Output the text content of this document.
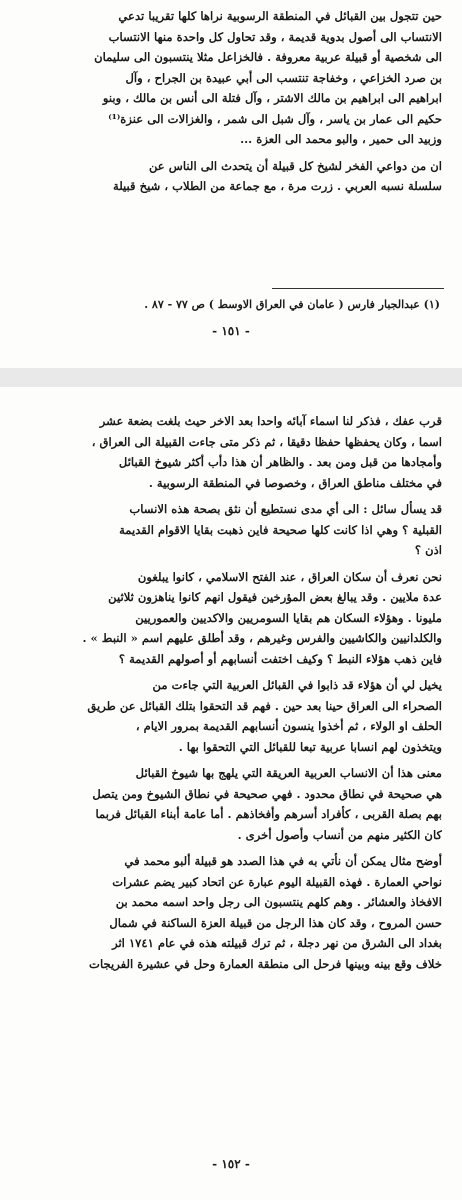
حين تتجول بين القبائل في المنطقة الرسوبية نراها كلها تقريبا تدعي
الانتساب الى أصول بدوية قديمة ، وقد تحاول كل واحدة منها الانتساب
الى شخصية أو قبيلة عربية معروفة . فالخزاعل مثلا ينتسبون الى سليمان
بن صرد الخزاعي ، وخفاجة تنتسب الى أبي عبيدة بن الجراح ، وآل
ابراهيم الى ابراهيم بن مالك الاشتر ، وآل فتلة الى أنس بن مالك ، وبنو
حكيم الى عمار بن ياسر ، وآل شبل الى شمر ، والغزالات الى عنزة⁽¹⁾
وزبيد الى حمير ، والبو محمد الى العزة ...
ان من دواعي الفخر لشيخ كل قبيلة أن يتحدث الى الناس عن
سلسلة نسبه العربي . زرت مرة ، مع جماعة من الطلاب ، شيخ قبيلة
(١) عبدالجبار فارس ( عامان في العراق الاوسط ) ص ٧٧ - ٨٧ .
- ١٥١ -
قرب عفك ، فذكر لنا اسماء آبائه واحدا بعد الاخر حيث بلغت بضعة عشر
اسما ، وكان يحفظها حفظا دقيقا ، ثم ذكر متى جاءت القبيلة الى العراق ،
وأمجادها من قبل ومن بعد . والظاهر أن هذا دأب أكثر شيوخ القبائل
في مختلف مناطق العراق ، وخصوصا في المنطقة الرسوبية .
قد يسأل سائل : الى أي مدى نستطيع أن نثق بصحة هذه الانساب
القبلية ؟ وهي اذا كانت كلها صحيحة فاين ذهبت بقايا الاقوام القديمة
اذن ؟
نحن نعرف أن سكان العراق ، عند الفتح الاسلامي ، كانوا يبلغون
عدة ملايين . وقد يبالغ بعض المؤرخين فيقول انهم كانوا يناهزون ثلاثين
مليونا . وهؤلاء السكان هم بقايا السومريين والاكديين والعموريين
والكلدانيين والكاشيين والفرس وغيرهم ، وقد أطلق عليهم اسم « النبط » .
فاين ذهب هؤلاء النبط ؟ وكيف اختفت أنسابهم أو أصولهم القديمة ؟
يخيل لي أن هؤلاء قد ذابوا في القبائل العربية التي جاءت من
الصحراء الى العراق حينا بعد حين . فهم قد التحقوا بتلك القبائل عن طريق
الحلف او الولاء ، ثم أخذوا ينسون أنسابهم القديمة بمرور الايام ،
ويتخذون لهم انسابا عربية تبعا للقبائل التي التحقوا بها .
معنى هذا أن الانساب العربية العريقة التي يلهج بها شيوخ القبائل
هي صحيحة في نطاق محدود . فهي صحيحة في نطاق الشيوخ ومن يتصل
بهم بصلة القربى ، كأفراد أسرهم وأفخاذهم . أما عامة أبناء القبائل فربما
كان الكثير منهم من أنساب وأصول أخرى .
أوضح مثال يمكن أن نأتي به في هذا الصدد هو قبيلة ألبو محمد في
نواحي العمارة . فهذه القبيلة اليوم عبارة عن اتحاد كبير يضم عشرات
الافخاذ والعشائر . وهم كلهم ينتسبون الى رجل واحد اسمه محمد بن
حسن المروح ، وقد كان هذا الرجل من قبيلة العزة الساكنة في شمال
بغداد الى الشرق من نهر دجلة ، ثم ترك قبيلته هذه في عام ١٧٤١ اثر
خلاف وقع بينه وبينها فرحل الى منطقة العمارة وحل في عشيرة الفريجات
- ١٥٢ -
